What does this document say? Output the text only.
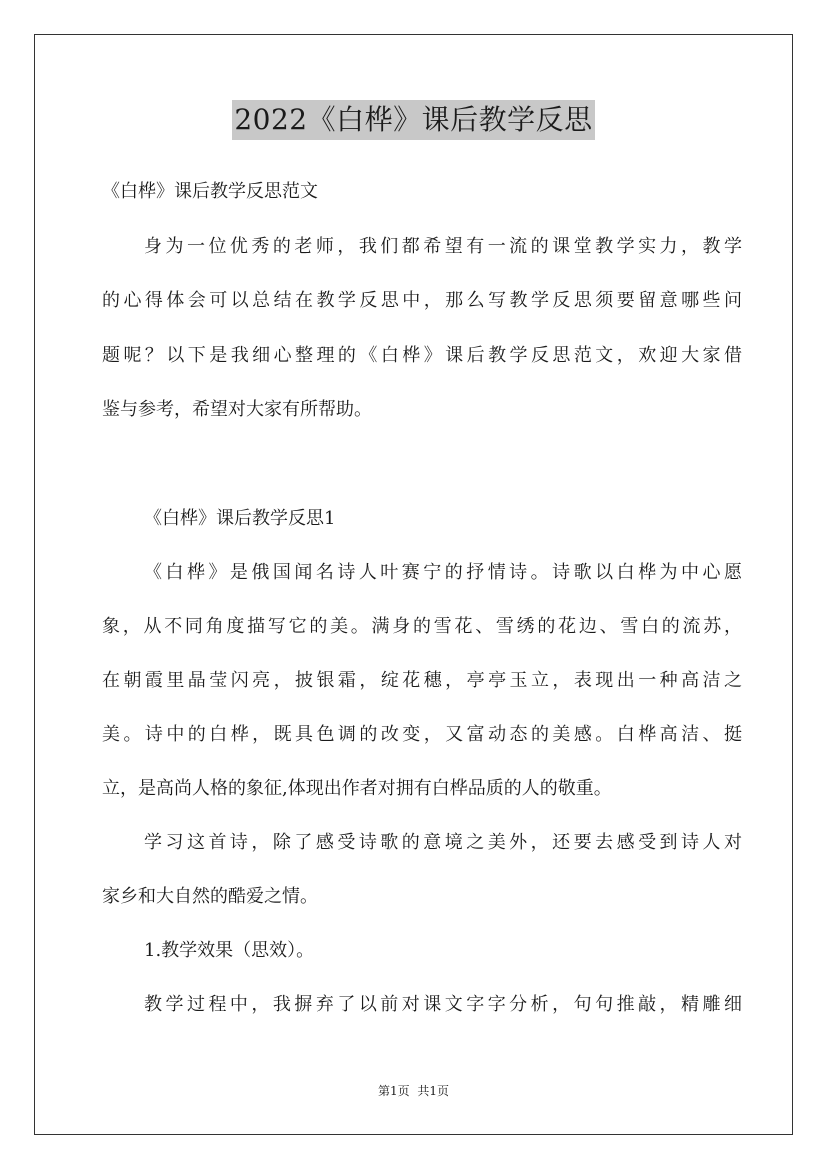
2022《白桦》课后教学反思
《白桦》课后教学反思范文
身为一位优秀的老师，我们都希望有一流的课堂教学实力，教学
的心得体会可以总结在教学反思中，那么写教学反思须要留意哪些问
题呢？以下是我细心整理的《白桦》课后教学反思范文，欢迎大家借
鉴与参考，希望对大家有所帮助。
《白桦》课后教学反思1
《白桦》是俄国闻名诗人叶赛宁的抒情诗。诗歌以白桦为中心愿
象，从不同角度描写它的美。满身的雪花、雪绣的花边、雪白的流苏，
在朝霞里晶莹闪亮，披银霜，绽花穗，亭亭玉立，表现出一种高洁之
美。诗中的白桦，既具色调的改变，又富动态的美感。白桦高洁、挺
立，是高尚人格的象征,体现出作者对拥有白桦品质的人的敬重。
学习这首诗，除了感受诗歌的意境之美外，还要去感受到诗人对
家乡和大自然的酷爱之情。
1.教学效果（思效）。
教学过程中，我摒弃了以前对课文字字分析，句句推敲，精雕细
第1页 共1页
